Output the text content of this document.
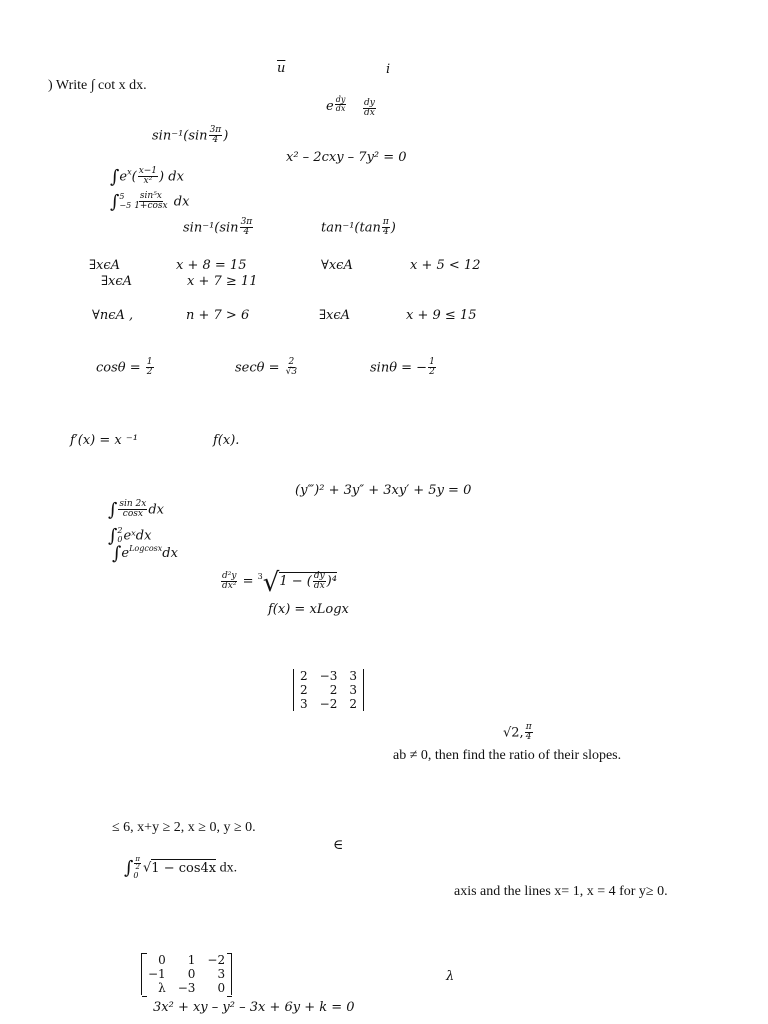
$\overline{u}$	i
) Write ∫ cot x dx.
e $\frac{dy}{dx} \frac{dy}{dx}$
$\sin^{-1}(\sin \frac{3\pi}{4}$ )
x² – 2cxy – 7y² = 0
$\int e^x( \frac{x-1}{\text{x²}}$ ) dx
∫ 5
$-5 \frac{\text{sin⁵x}}{1+\cos x}$ dx
$\sin^{-1}(\sin \frac{3\pi}{4}$	$\tan^{-1}(\tan \frac{\pi}{4}$ )
∃xϵA	x + 8 = 15	∀xϵA	x + 5 < 12
∃xϵA	x + 7 ≥ 11
∀nϵA ,	n + 7 > 6	∃xϵA	x + 9 ≤ 15
$\cos\theta = \frac{1}{2}$	$\sec\theta = \frac{2}{√3}$	sinθ = − $\frac{1}{2}$
f′(x) = x ⁻¹	f(x).
(y‴)² + 3y″ + 3xy′ + 5y = 0
∫ $\frac{\sin 2x}{\cos x}$ dx
∫ 2
0 eˣdx
$\int e^{Logcosx}dx$
$\frac{\text{d²y}}{\text{dx²}} = ^3√1$ − ( $\frac{dy}{dx} )^4$
f(x) = xLogx
2	−3	3
2	2	3
3	−2	2
√2, $\frac{\pi}{4}$
ab ≠ 0, then find the ratio of their slopes.
≤ 6, x+y ≥ 2, x ≥ 0, y ≥ 0.
∈
∫ $\frac{\pi}{2}$
0 √1 − cos4x dx.
axis and the lines x= 1, x = 4 for y≥ 0.
0	1	−2
−1	0	3
λ	−3	0

λ
3x² + xy – y² – 3x + 6y + k = 0
